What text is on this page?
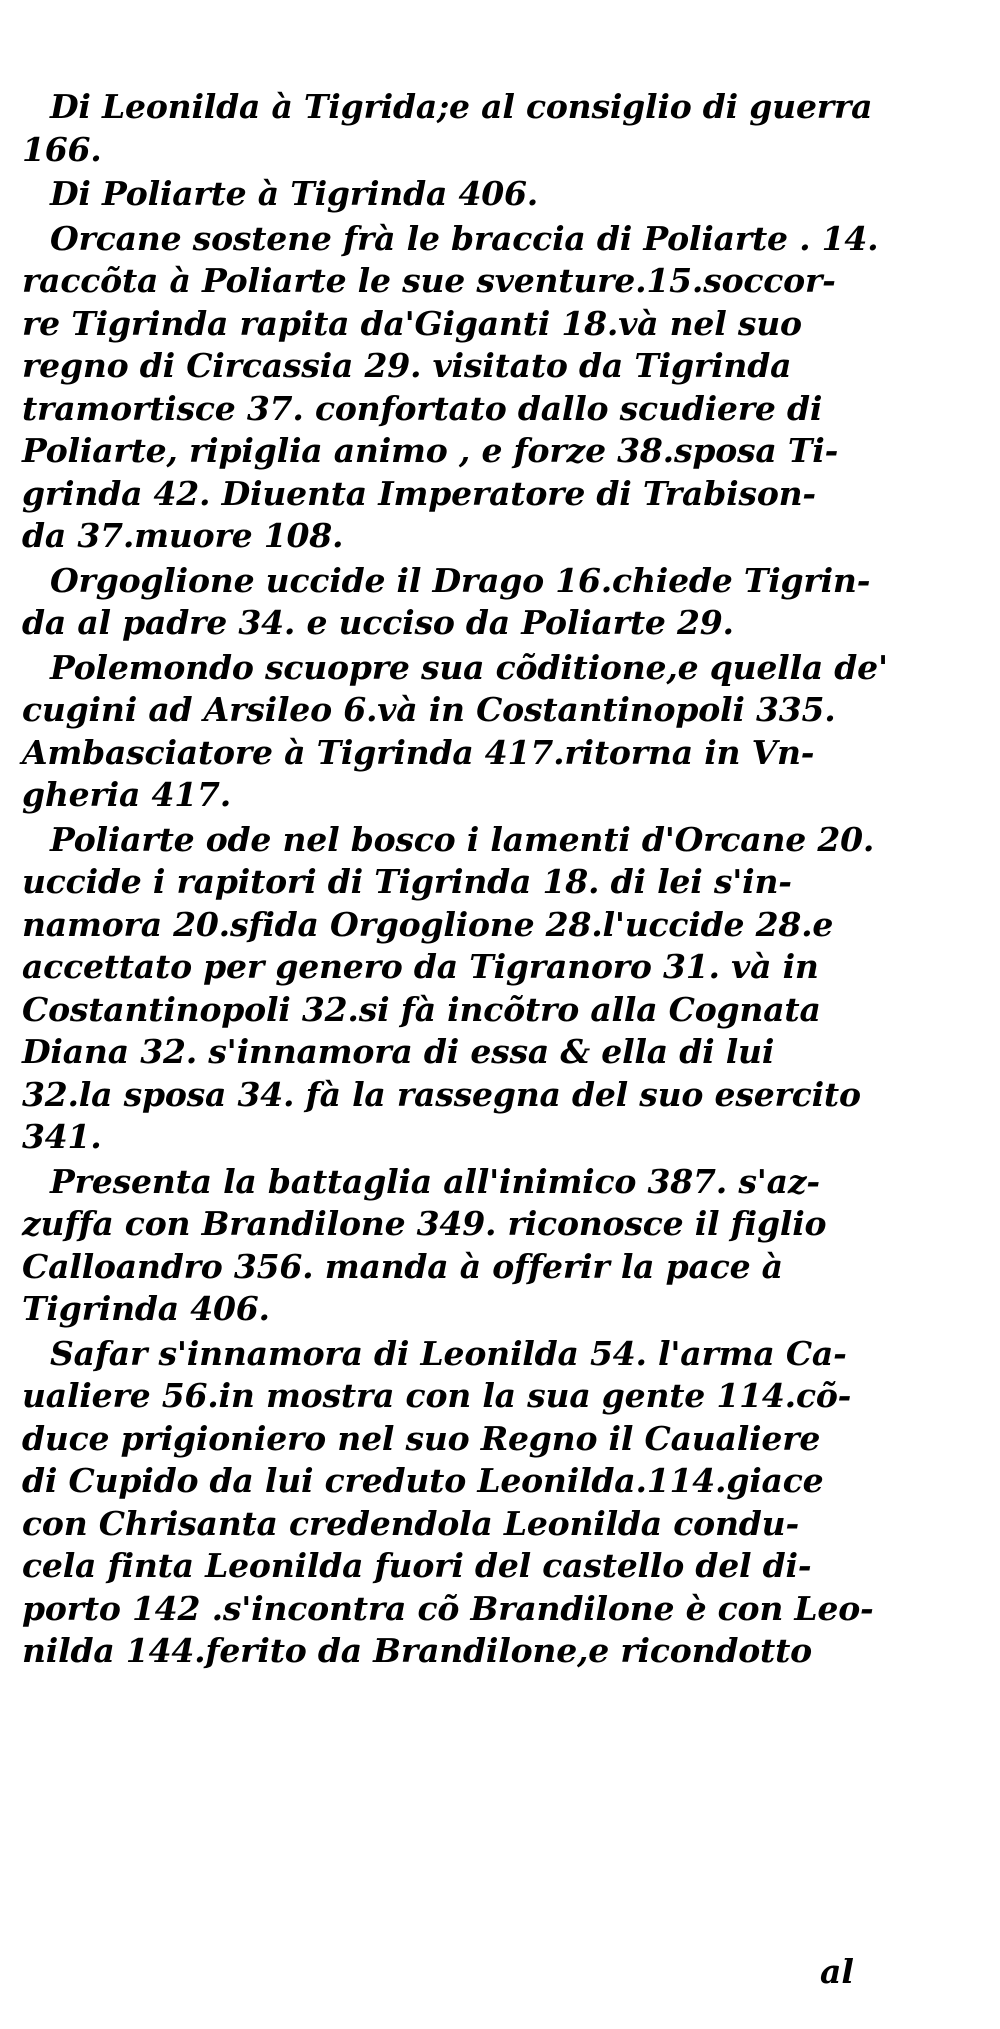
Di Leonilda à Tigrida;e al consiglio di guerra
166.
Di Poliarte à Tigrinda 406.
Orcane sostene frà le braccia di Poliarte . 14.
raccõta à Poliarte le sue sventure.15.soccor-
re Tigrinda rapita da'Giganti 18.và nel suo
regno di Circassia 29. visitato da Tigrinda
tramortisce 37. confortato dallo scudiere di
Poliarte, ripiglia animo , e forze 38.sposa Ti-
grinda 42. Diuenta Imperatore di Trabison-
da 37.muore 108.
Orgoglione uccide il Drago 16.chiede Tigrin-
da al padre 34. e ucciso da Poliarte 29.
Polemondo scuopre sua cõditione,e quella de'
cugini ad Arsileo 6.và in Costantinopoli 335.
Ambasciatore à Tigrinda 417.ritorna in Vn-
gheria 417.
Poliarte ode nel bosco i lamenti d'Orcane 20.
uccide i rapitori di Tigrinda 18. di lei s'in-
namora 20.sfida Orgoglione 28.l'uccide 28.e
accettato per genero da Tigranoro 31. và in
Costantinopoli 32.si fà incõtro alla Cognata
Diana 32. s'innamora di essa & ella di lui
32.la sposa 34. fà la rassegna del suo esercito
341.
Presenta la battaglia all'inimico 387. s'az-
zuffa con Brandilone 349. riconosce il figlio
Calloandro 356. manda à offerir la pace à
Tigrinda 406.
Safar s'innamora di Leonilda 54. l'arma Ca-
ualiere 56.in mostra con la sua gente 114.cõ-
duce prigioniero nel suo Regno il Caualiere
di Cupido da lui creduto Leonilda.114.giace
con Chrisanta credendola Leonilda condu-
cela finta Leonilda fuori del castello del di-
porto 142 .s'incontra cõ Brandilone è con Leo-
nilda 144.ferito da Brandilone,e ricondotto
al
